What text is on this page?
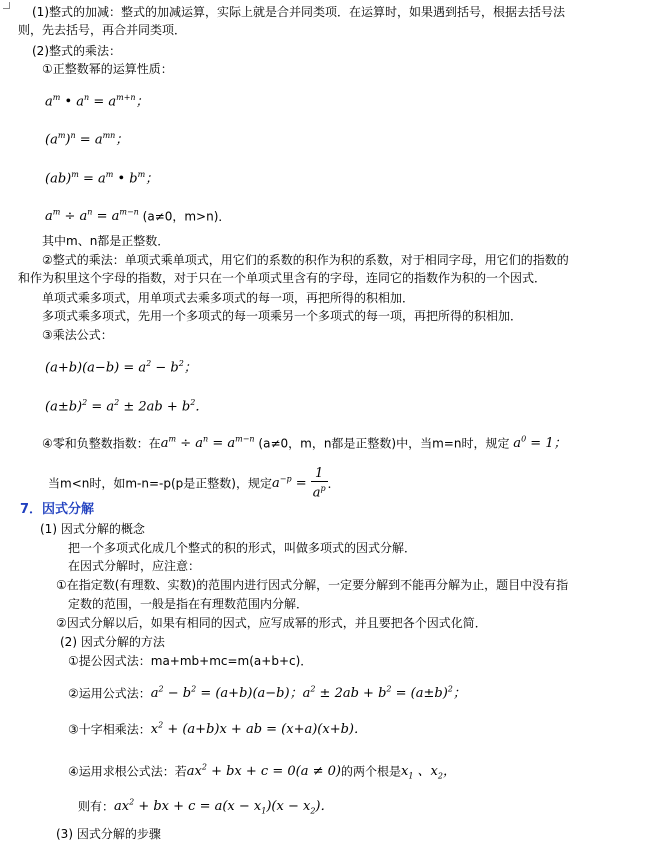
(1)整式的加减：整式的加减运算，实际上就是合并同类项．在运算时，如果遇到括号，根据去括号法
则，先去括号，再合并同类项．
(2)整式的乘法：
①正整数幂的运算性质：
$a^m$ • $a^n = a^{m+n}$；
$(a^m)^n = a^{mn}$；
$(ab)^m = a^m$ • $b^m$；
$a^m \div a^n = a^{m-n}$ (a≠0，m>n)．
其中m、n都是正整数．
②整式的乘法：单项式乘单项式，用它们的系数的积作为积的系数，对于相同字母，用它们的指数的
和作为积里这个字母的指数，对于只在一个单项式里含有的字母，连同它的指数作为积的一个因式．
单项式乘多项式，用单项式去乘多项式的每一项，再把所得的积相加．
多项式乘多项式，先用一个多项式的每一项乘另一个多项式的每一项，再把所得的积相加．
③乘法公式：
$(a+b)(a-b) = a^2 - b^2$；
$(a\pm b)^2 = a^2 \pm 2ab + b^2$．
④零和负整数指数：在$a^m \div a^n = a^{m-n}$ (a≠0，m，n都是正整数)中，当m=n时，规定 $a^0 = 1$；
当m<n时，如m-n=-p(p是正整数)，规定$a^{-p} = \frac{1}{a^p}$ ．
7．因式分解
(1) 因式分解的概念
把一个多项式化成几个整式的积的形式，叫做多项式的因式分解．
在因式分解时，应注意：
①在指定数(有理数、实数)的范围内进行因式分解，一定要分解到不能再分解为止，题目中没有指
定数的范围，一般是指在有理数范围内分解．
②因式分解以后，如果有相同的因式，应写成幂的形式，并且要把各个因式化简．
(2) 因式分解的方法
①提公因式法：ma+mb+mc=m(a+b+c)．
②运用公式法：$a^2 - b^2 = (a+b)(a-b)$；$a^2 \pm 2ab + b^2 = (a\pm b)^2$；
③十字相乘法：$x^2 + (a+b)x$ + ab = (x+a)(x+b)．
④运用求根公式法：若$ax^2$ + bx + c = 0(a ≠ 0)的两个根是$x_1$ 、$x_2$，
则有：$ax^2$ + bx + $c = a(x - x_1)(x - x_2)$．
(3) 因式分解的步骤
